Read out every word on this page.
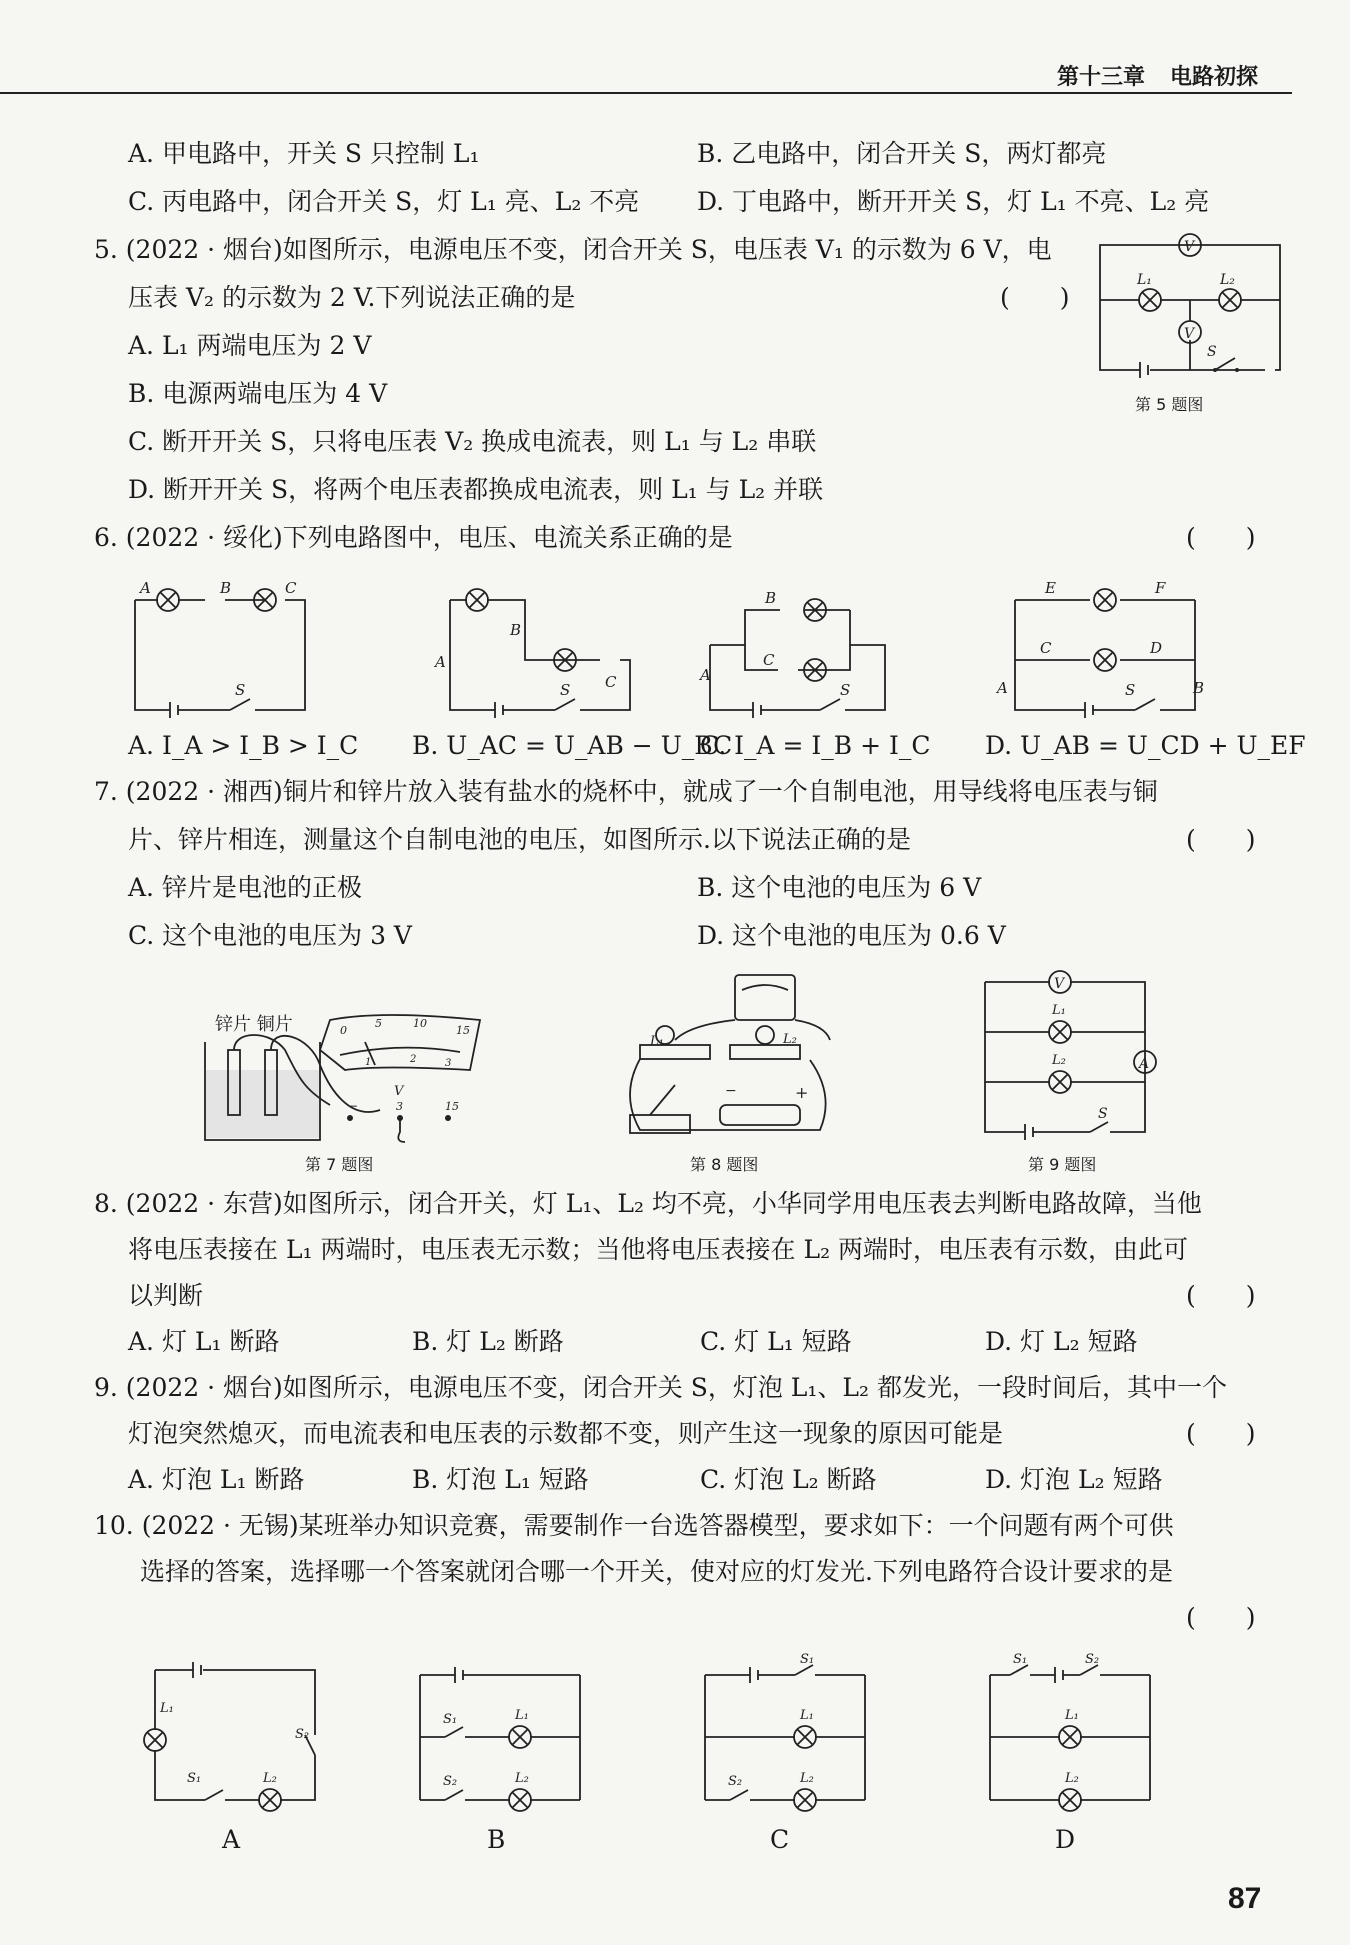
第十三章 电路初探
A. 甲电路中，开关 S 只控制 L₁	B. 乙电路中，闭合开关 S，两灯都亮
C. 丙电路中，闭合开关 S，灯 L₁ 亮、L₂ 不亮 D. 丁电路中，断开开关 S，灯 L₁ 不亮、L₂ 亮
5. (2022 · 烟台)如图所示，电源电压不变，闭合开关 S，电压表 V₁ 的示数为 6 V，电
压表 V₂ 的示数为 2 V.下列说法正确的是	(　　)
A. L₁ 两端电压为 2 V
B. 电源两端电压为 4 V
C. 断开开关 S，只将电压表 V₂ 换成电流表，则 L₁ 与 L₂ 串联
D. 断开开关 S，将两个电压表都换成电流表，则 L₁ 与 L₂ 并联
V
V
L₁	L₂
S
第 5 题图
6. (2022 · 绥化)下列电路图中，电压、电流关系正确的是	(　　)
A	B	C
S
A. I_A > I_B > I_C
A
B
C
S
B. U_AC = U_AB − U_BC
B
C
A
S
C. I_A = I_B + I_C
E	F
C	D
A	B
S
D. U_AB = U_CD + U_EF
7. (2022 · 湘西)铜片和锌片放入装有盐水的烧杯中，就成了一个自制电池，用导线将电压表与铜
片、锌片相连，测量这个自制电池的电压，如图所示.以下说法正确的是	(　　)
A. 锌片是电池的正极	B. 这个电池的电压为 6 V
C. 这个电池的电压为 3 V	D. 这个电池的电压为 0.6 V
锌片 铜片	0
5	10
15
1	2	3
V
−	3	15
第 7 题图
L₁	L₂
−	+
第 8 题图
V
A
L₁
L₂
S
第 9 题图
8. (2022 · 东营)如图所示，闭合开关，灯 L₁、L₂ 均不亮，小华同学用电压表去判断电路故障，当他
将电压表接在 L₁ 两端时，电压表无示数；当他将电压表接在 L₂ 两端时，电压表有示数，由此可
以判断	(　　)
A. 灯 L₁ 断路	B. 灯 L₂ 断路	C. 灯 L₁ 短路	D. 灯 L₂ 短路
9. (2022 · 烟台)如图所示，电源电压不变，闭合开关 S，灯泡 L₁、L₂ 都发光，一段时间后，其中一个
灯泡突然熄灭，而电流表和电压表的示数都不变，则产生这一现象的原因可能是	(　　)
A. 灯泡 L₁ 断路	B. 灯泡 L₁ 短路	C. 灯泡 L₂ 断路	D. 灯泡 L₂ 短路
10. (2022 · 无锡)某班举办知识竞赛，需要制作一台选答器模型，要求如下：一个问题有两个可供
选择的答案，选择哪一个答案就闭合哪一个开关，使对应的灯发光.下列电路符合设计要求的是
(　　)
L₁
L₂
S₁
S₂
A
S₁
S₂
L₁
L₂
B
S₁
S₂
L₁
L₂
C
S₁	S₂
L₁
L₂
D
87
